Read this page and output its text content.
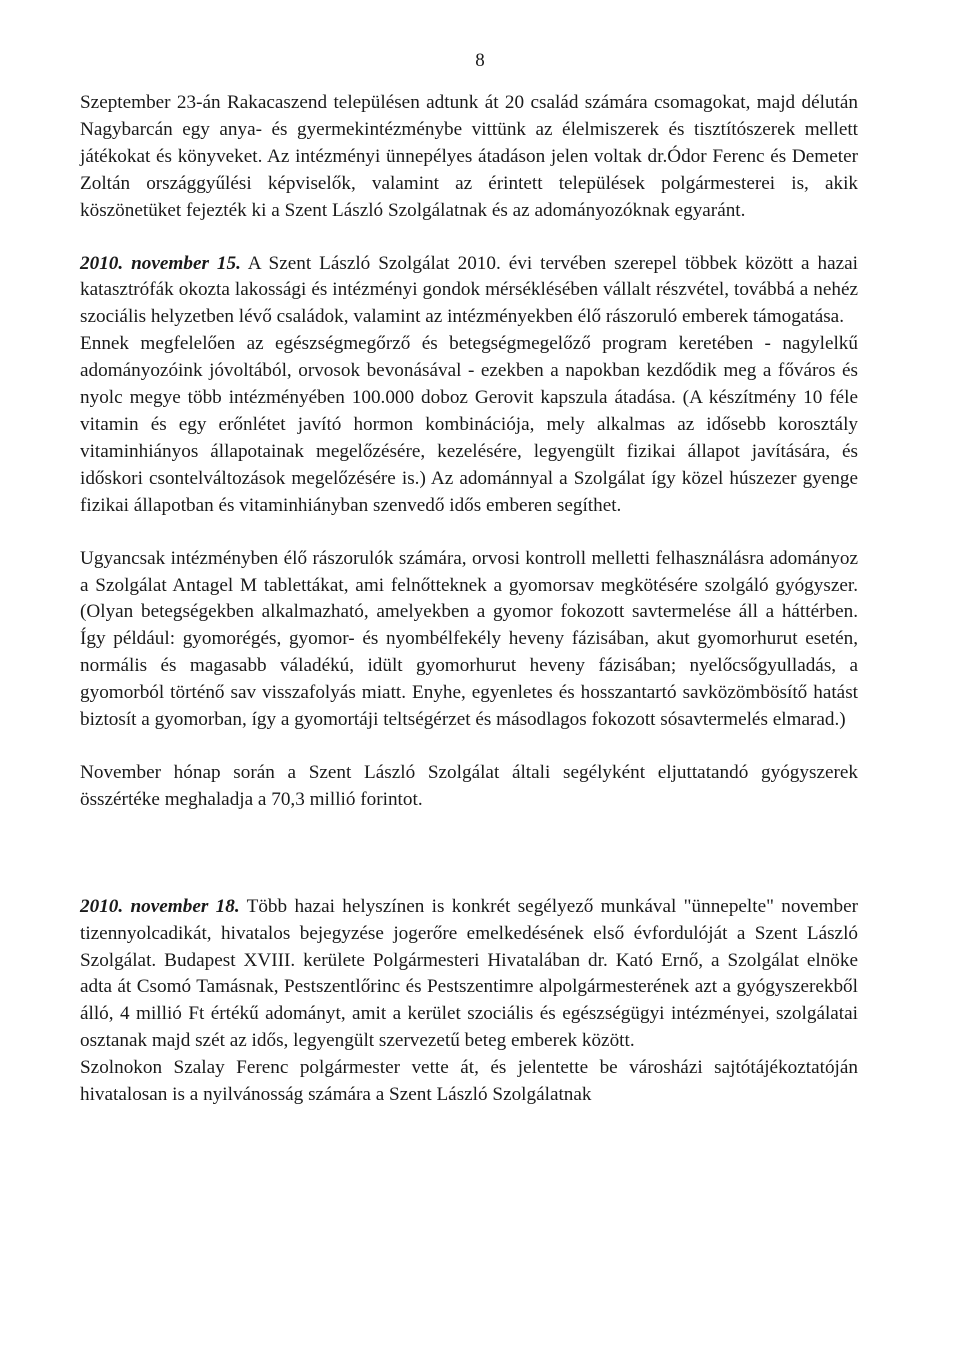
8

Szeptember 23-án Rakacaszend településen adtunk át 20 család számára csomagokat, majd délután Nagybarcán egy anya- és gyermekintézménybe vittünk az élelmiszerek és tisztítószerek mellett játékokat és könyveket. Az intézményi ünnepélyes átadáson jelen voltak dr.Ódor Ferenc és Demeter Zoltán országgyűlési képviselők, valamint az érintett települések polgármesterei is, akik köszönetüket fejezték ki a Szent László Szolgálatnak és az adományozóknak egyaránt.

2010. november 15. A Szent László Szolgálat 2010. évi tervében szerepel többek között a hazai katasztrófák okozta lakossági és intézményi gondok mérséklésében vállalt részvétel, továbbá a nehéz szociális helyzetben lévő családok, valamint az intézményekben élő rászoruló emberek támogatása.

Ennek megfelelően az egészségmegőrző és betegségmegelőző program keretében - nagylelkű adományozóink jóvoltából, orvosok bevonásával - ezekben a napokban kezdődik meg a főváros és nyolc megye több intézményében 100.000 doboz Gerovit kapszula átadása. (A készítmény 10 féle vitamin és egy erőnlétet javító hormon kombinációja, mely alkalmas az idősebb korosztály vitaminhiányos állapotainak megelőzésére, kezelésére, legyengült fizikai állapot javítására, és időskori csontelváltozások megelőzésére is.) Az adománnyal a Szolgálat így közel húszezer gyenge fizikai állapotban és vitaminhiányban szenvedő idős emberen segíthet.

Ugyancsak intézményben élő rászorulók számára, orvosi kontroll melletti felhasználásra adományoz a Szolgálat Antagel M tablettákat, ami felnőtteknek a gyomorsav megkötésére szolgáló gyógyszer. (Olyan betegségekben alkalmazható, amelyekben a gyomor fokozott savtermelése áll a háttérben. Így például: gyomorégés, gyomor- és nyombélfekély heveny fázisában, akut gyomorhurut esetén, normális és magasabb váladékú, idült gyomorhurut heveny fázisában; nyelőcsőgyulladás, a gyomorból történő sav visszafolyás miatt. Enyhe, egyenletes és hosszantartó savközömbösítő hatást biztosít a gyomorban, így a gyomortáji teltségérzet és másodlagos fokozott sósavtermelés elmarad.)

November hónap során a Szent László Szolgálat általi segélyként eljuttatandó gyógyszerek összértéke meghaladja a 70,3 millió forintot.

2010. november 18. Több hazai helyszínen is konkrét segélyező munkával "ünnepelte" november tizennyolcadikát, hivatalos bejegyzése jogerőre emelkedésének első évfordulóját a Szent László Szolgálat. Budapest XVIII. kerülete Polgármesteri Hivatalában dr. Kató Ernő, a Szolgálat elnöke adta át Csomó Tamásnak, Pestszentlőrinc és Pestszentimre alpolgármesterének azt a gyógyszerekből álló, 4 millió Ft értékű adományt, amit a kerület szociális és egészségügyi intézményei, szolgálatai osztanak majd szét az idős, legyengült szervezetű beteg emberek között.

Szolnokon Szalay Ferenc polgármester vette át, és jelentette be városházi sajtótájékoztatóján hivatalosan is a nyilvánosság számára a Szent László Szolgálatnak
